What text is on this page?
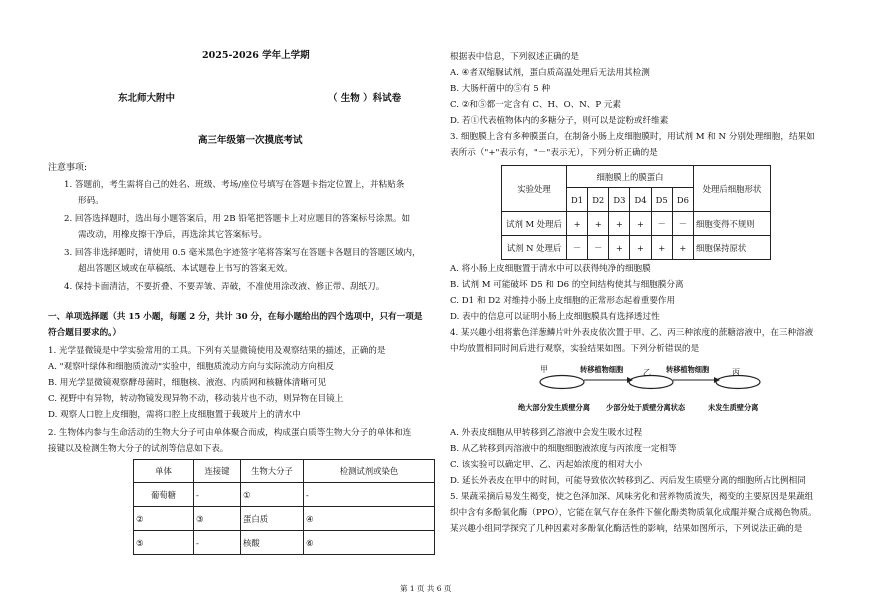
2025-2026 学年上学期
东北师大附中	（ 生物 ）科试卷
高三年级第一次摸底考试
注意事项:
1. 答题前，考生需将自己的姓名、班级、考场/座位号填写在答题卡指定位置上，并粘贴条
形码。
2. 回答选择题时，选出每小题答案后，用 2B 铅笔把答题卡上对应题目的答案标号涂黑。如
需改动，用橡皮擦干净后，再选涂其它答案标号。
3. 回答非选择题时，请使用 0.5 毫米黑色字迹签字笔将答案写在答题卡各题目的答题区域内，
超出答题区域或在草稿纸、本试题卷上书写的答案无效。
4. 保持卡面清洁，不要折叠、不要弄皱、弄破，不准使用涂改液、修正带、刮纸刀。
一、单项选择题（共 15 小题，每题 2 分，共计 30 分，在每小题给出的四个选项中，只有一项是
符合题目要求的。）
1. 光学显微镜是中学实验常用的工具。下列有关显微镜使用及观察结果的描述，正确的是
A. "观察叶绿体和细胞质流动"实验中，细胞质流动方向与实际流动方向相反
B. 用光学显微镜观察酵母菌时，细胞核、液泡、内质网和核糖体清晰可见
C. 视野中有异物，转动物镜发现异物不动，移动装片也不动，则异物在目镜上
D. 观察人口腔上皮细胞，需将口腔上皮细胞置于载玻片上的清水中
2. 生物体内参与生命活动的生物大分子可由单体聚合而成，构成蛋白质等生物大分子的单体和连
接键以及检测生物大分子的试剂等信息如下表。
单体	连接键	生物大分子	检测试剂或染色
葡萄糖	-	①	-
②	③	蛋白质	④
⑤	-	核酸	⑥
根据表中信息，下列叙述正确的是
A. ④者双缩脲试剂，蛋白质高温处理后无法用其检测
B. 大肠杆菌中的⑤有 5 种
C. ②和⑤都一定含有 C、H、O、N、P 元素
D. 若①代表植物体内的多糖分子，则可以是淀粉或纤维素
3. 细胞膜上含有多种膜蛋白，在制备小肠上皮细胞膜时，用试剂 M 和 N 分别处理细胞，结果如
表所示（"+"表示有，"－"表示无），下列分析正确的是
实验处理	细胞膜上的膜蛋白						处理后细胞形状
	D1	D2	D3	D4	D5	D6	
试剂 M 处理后	+	+	+	+	－	－	细胞变得不规则
试剂 N 处理后	－	－	+	+	+	+	细胞保持原状
A. 将小肠上皮细胞置于清水中可以获得纯净的细胞膜
B. 试剂 M 可能破坏 D5 和 D6 的空间结构使其与细胞膜分离
C. D1 和 D2 对维持小肠上皮细胞的正常形态起着重要作用
D. 表中的信息可以证明小肠上皮细胞膜具有选择透过性
4. 某兴趣小组将紫色洋葱鳞片叶外表皮依次置于甲、乙、丙三种浓度的蔗糖溶液中，在三种溶液
中均放置相同时间后进行观察，实验结果如图。下列分析错误的是
甲	转移植物细胞 乙 转移植物细胞	丙
绝大部分发生质壁分离 少部分处于质壁分离状态	未发生质壁分离
A. 外表皮细胞从甲转移到乙溶液中会发生吸水过程
B. 从乙转移到丙溶液中的细胞细胞液浓度与丙浓度一定相等
C. 该实验可以确定甲、乙、丙起始浓度的相对大小
D. 延长外表皮在甲中的时间，可能导致依次转移到乙、丙后发生质壁分离的细胞所占比例相同
5. 果蔬采摘后易发生褐变，使之色泽加深、风味劣化和营养物质流失，褐变的主要原因是果蔬组
织中含有多酚氧化酶（PPO），它能在氧气存在条件下催化酚类物质氧化成醌并聚合成褐色物质。
某兴趣小组同学探究了几种因素对多酚氧化酶活性的影响，结果如图所示，下列说法正确的是
第 1 页 共 6 页
